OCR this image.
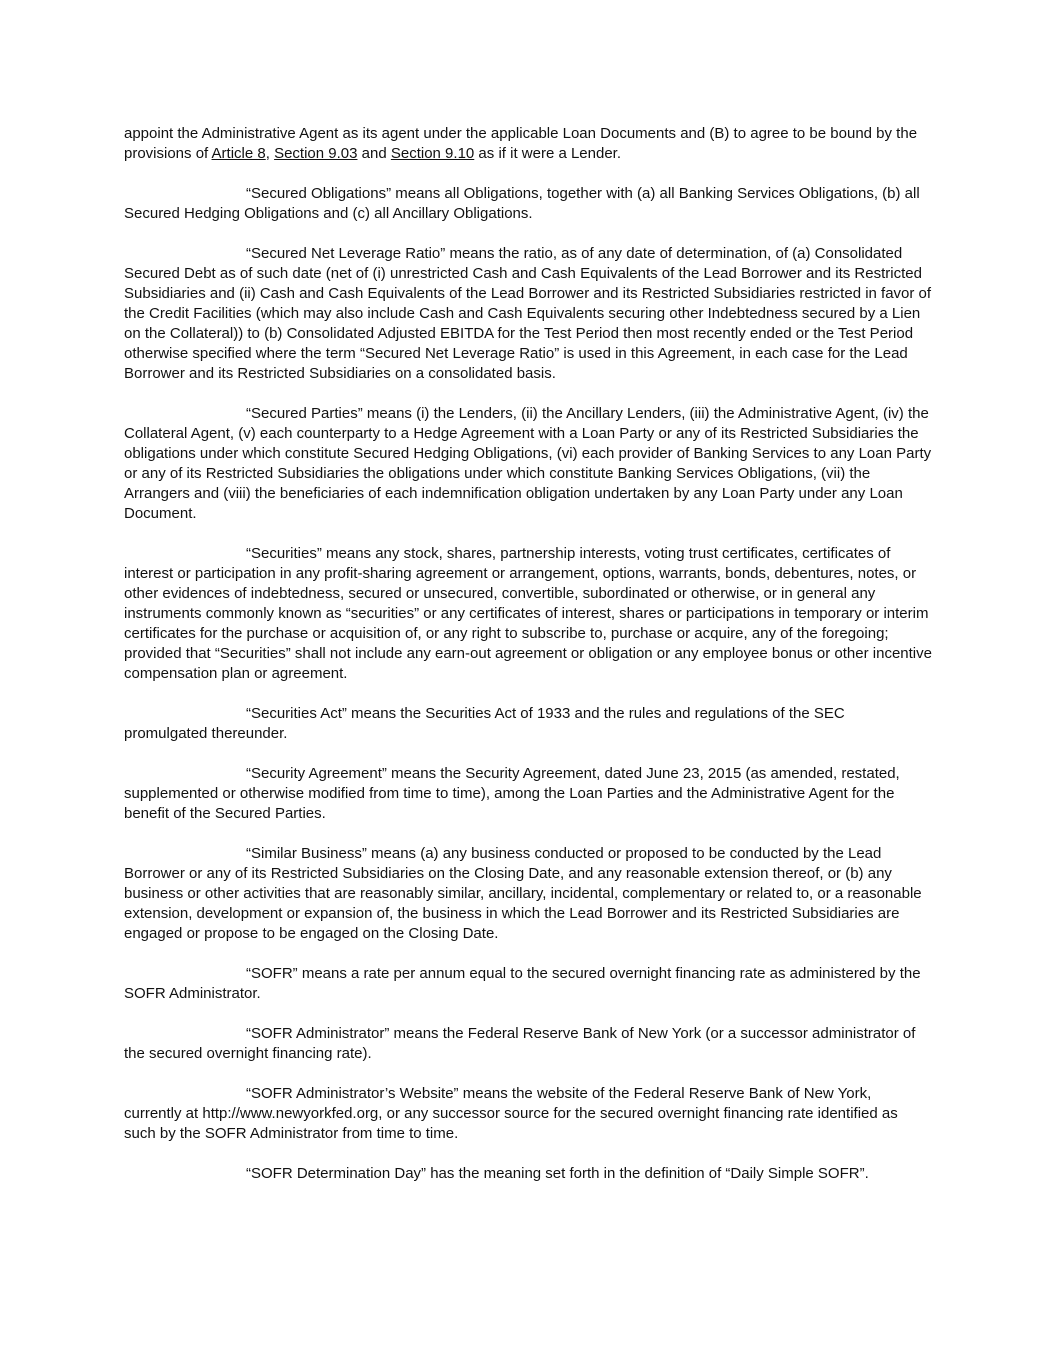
appoint the Administrative Agent as its agent under the applicable Loan Documents and (B) to agree to be bound by the provisions of Article 8, Section 9.03 and Section 9.10 as if it were a Lender.

“Secured Obligations” means all Obligations, together with (a) all Banking Services Obligations, (b) all Secured Hedging Obligations and (c) all Ancillary Obligations.

“Secured Net Leverage Ratio” means the ratio, as of any date of determination, of (a) Consolidated Secured Debt as of such date (net of (i) unrestricted Cash and Cash Equivalents of the Lead Borrower and its Restricted Subsidiaries and (ii) Cash and Cash Equivalents of the Lead Borrower and its Restricted Subsidiaries restricted in favor of the Credit Facilities (which may also include Cash and Cash Equivalents securing other Indebtedness secured by a Lien on the Collateral)) to (b) Consolidated Adjusted EBITDA for the Test Period then most recently ended or the Test Period otherwise specified where the term “Secured Net Leverage Ratio” is used in this Agreement, in each case for the Lead Borrower and its Restricted Subsidiaries on a consolidated basis.

“Secured Parties” means (i) the Lenders, (ii) the Ancillary Lenders, (iii) the Administrative Agent, (iv) the Collateral Agent, (v) each counterparty to a Hedge Agreement with a Loan Party or any of its Restricted Subsidiaries the obligations under which constitute Secured Hedging Obligations, (vi) each provider of Banking Services to any Loan Party or any of its Restricted Subsidiaries the obligations under which constitute Banking Services Obligations, (vii) the Arrangers and (viii) the beneficiaries of each indemnification obligation undertaken by any Loan Party under any Loan Document.

“Securities” means any stock, shares, partnership interests, voting trust certificates, certificates of interest or participation in any profit-sharing agreement or arrangement, options, warrants, bonds, debentures, notes, or other evidences of indebtedness, secured or unsecured, convertible, subordinated or otherwise, or in general any instruments commonly known as “securities” or any certificates of interest, shares or participations in temporary or interim certificates for the purchase or acquisition of, or any right to subscribe to, purchase or acquire, any of the foregoing; provided that “Securities” shall not include any earn-out agreement or obligation or any employee bonus or other incentive compensation plan or agreement.

“Securities Act” means the Securities Act of 1933 and the rules and regulations of the SEC promulgated thereunder.

“Security Agreement” means the Security Agreement, dated June 23, 2015 (as amended, restated, supplemented or otherwise modified from time to time), among the Loan Parties and the Administrative Agent for the benefit of the Secured Parties.

“Similar Business” means (a) any business conducted or proposed to be conducted by the Lead Borrower or any of its Restricted Subsidiaries on the Closing Date, and any reasonable extension thereof, or (b) any business or other activities that are reasonably similar, ancillary, incidental, complementary or related to, or a reasonable extension, development or expansion of, the business in which the Lead Borrower and its Restricted Subsidiaries are engaged or propose to be engaged on the Closing Date.

“SOFR” means a rate per annum equal to the secured overnight financing rate as administered by the SOFR Administrator.

“SOFR Administrator” means the Federal Reserve Bank of New York (or a successor administrator of the secured overnight financing rate).

“SOFR Administrator’s Website” means the website of the Federal Reserve Bank of New York, currently at http://www.newyorkfed.org, or any successor source for the secured overnight financing rate identified as such by the SOFR Administrator from time to time.

“SOFR Determination Day” has the meaning set forth in the definition of “Daily Simple SOFR”.
